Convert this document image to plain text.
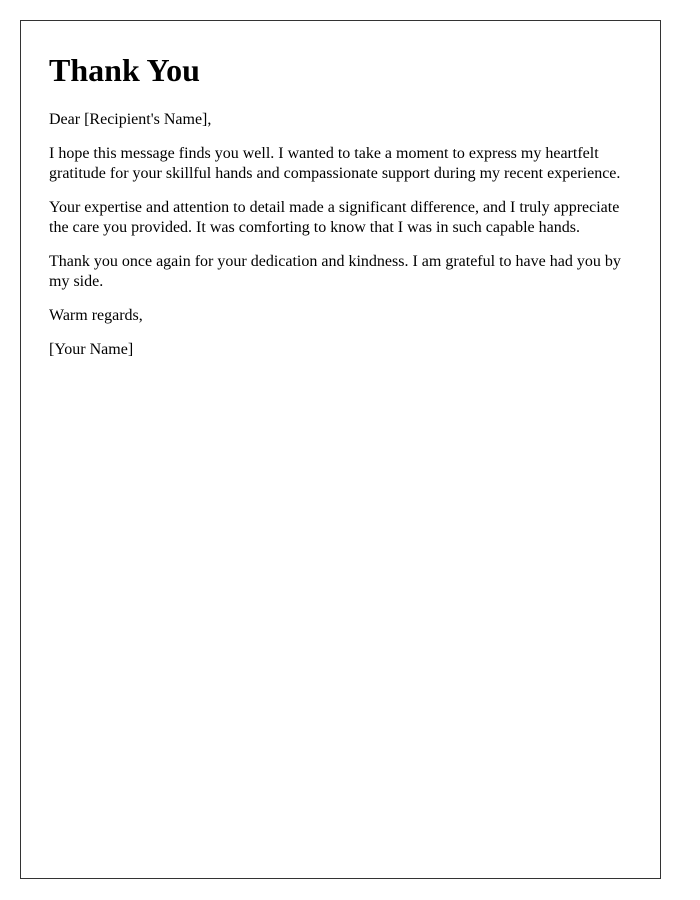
Thank You

Dear [Recipient's Name],

I hope this message finds you well. I wanted to take a moment to express my heartfelt gratitude for your skillful hands and compassionate support during my recent experience.

Your expertise and attention to detail made a significant difference, and I truly appreciate the care you provided. It was comforting to know that I was in such capable hands.

Thank you once again for your dedication and kindness. I am grateful to have had you by my side.

Warm regards,

[Your Name]
